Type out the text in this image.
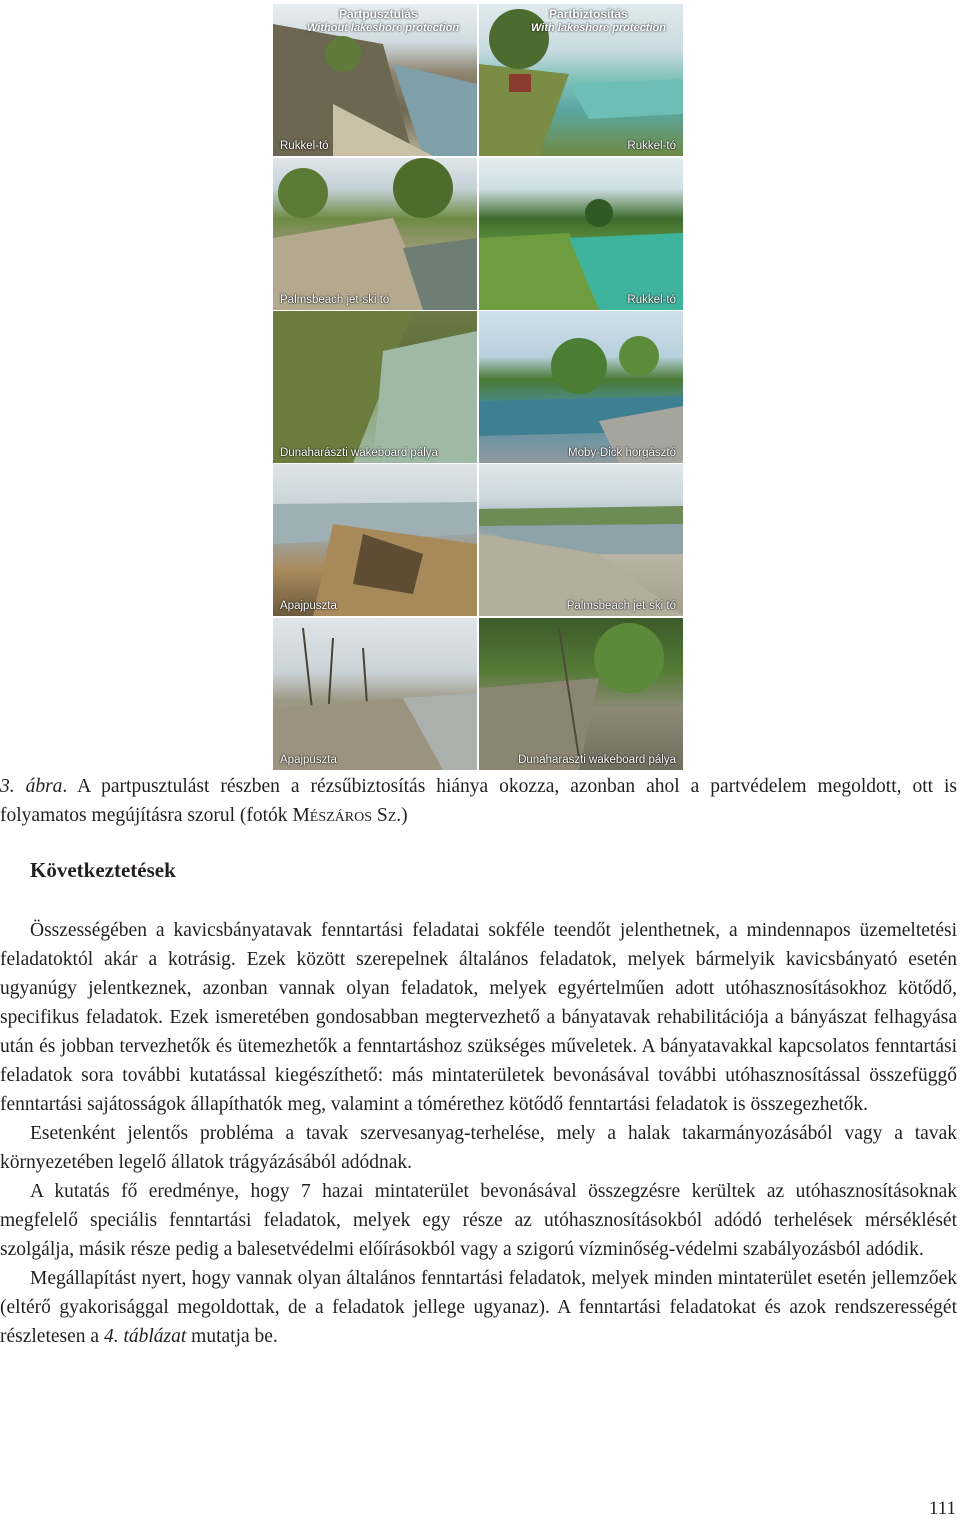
Partpusztulás
Without lakeshore protection
Rukkel-tó
Partbiztosítás
With lakeshore protection
Rukkel-tó
Palmsbeach jet-ski tó	Rukkel-tó
Dunaharászti wakeboard pálya	Moby-Dick horgásztó
Apajpuszta	Palmsbeach jet-ski tó
Apajpuszta	Dunaharaszti wakeboard pálya
3. ábra. A partpusztulást részben a rézsűbiztosítás hiánya okozza, azonban ahol a partvédelem megoldott, ott is folyamatos megújításra szorul (fotók Mészáros Sz.)
Következtetések

Összességében a kavicsbányatavak fenntartási feladatai sokféle teendőt jelenthetnek, a mindennapos üzemeltetési feladatoktól akár a kotrásig. Ezek között szerepelnek általános feladatok, melyek bármelyik kavicsbányató esetén ugyanúgy jelentkeznek, azonban vannak olyan feladatok, melyek egyértelműen adott utóhasznosításokhoz kötődő, specifikus feladatok. Ezek ismeretében gondosabban megtervezhető a bányatavak rehabilitációja a bányászat felhagyása után és jobban tervezhetők és ütemezhetők a fenntartáshoz szükséges műveletek. A bányatavakkal kapcsolatos fenntartási feladatok sora további kutatással kiegészíthető: más mintaterületek bevonásával további utóhasznosítással összefüggő fenntartási sajátosságok állapíthatók meg, valamint a tómérethez kötődő fenntartási feladatok is összegezhetők.

Esetenként jelentős probléma a tavak szervesanyag-terhelése, mely a halak takarmányozásából vagy a tavak környezetében legelő állatok trágyázásából adódnak.

A kutatás fő eredménye, hogy 7 hazai mintaterület bevonásával összegzésre kerültek az utóhasznosításoknak megfelelő speciális fenntartási feladatok, melyek egy része az utóhasznosításokból adódó terhelések mérséklését szolgálja, másik része pedig a balesetvédelmi előírásokból vagy a szigorú vízminőség-védelmi szabályozásból adódik.

Megállapítást nyert, hogy vannak olyan általános fenntartási feladatok, melyek minden mintaterület esetén jellemzőek (eltérő gyakorisággal megoldottak, de a feladatok jellege ugyanaz). A fenntartási feladatokat és azok rendszerességét részletesen a 4. táblázat mutatja be.

111
